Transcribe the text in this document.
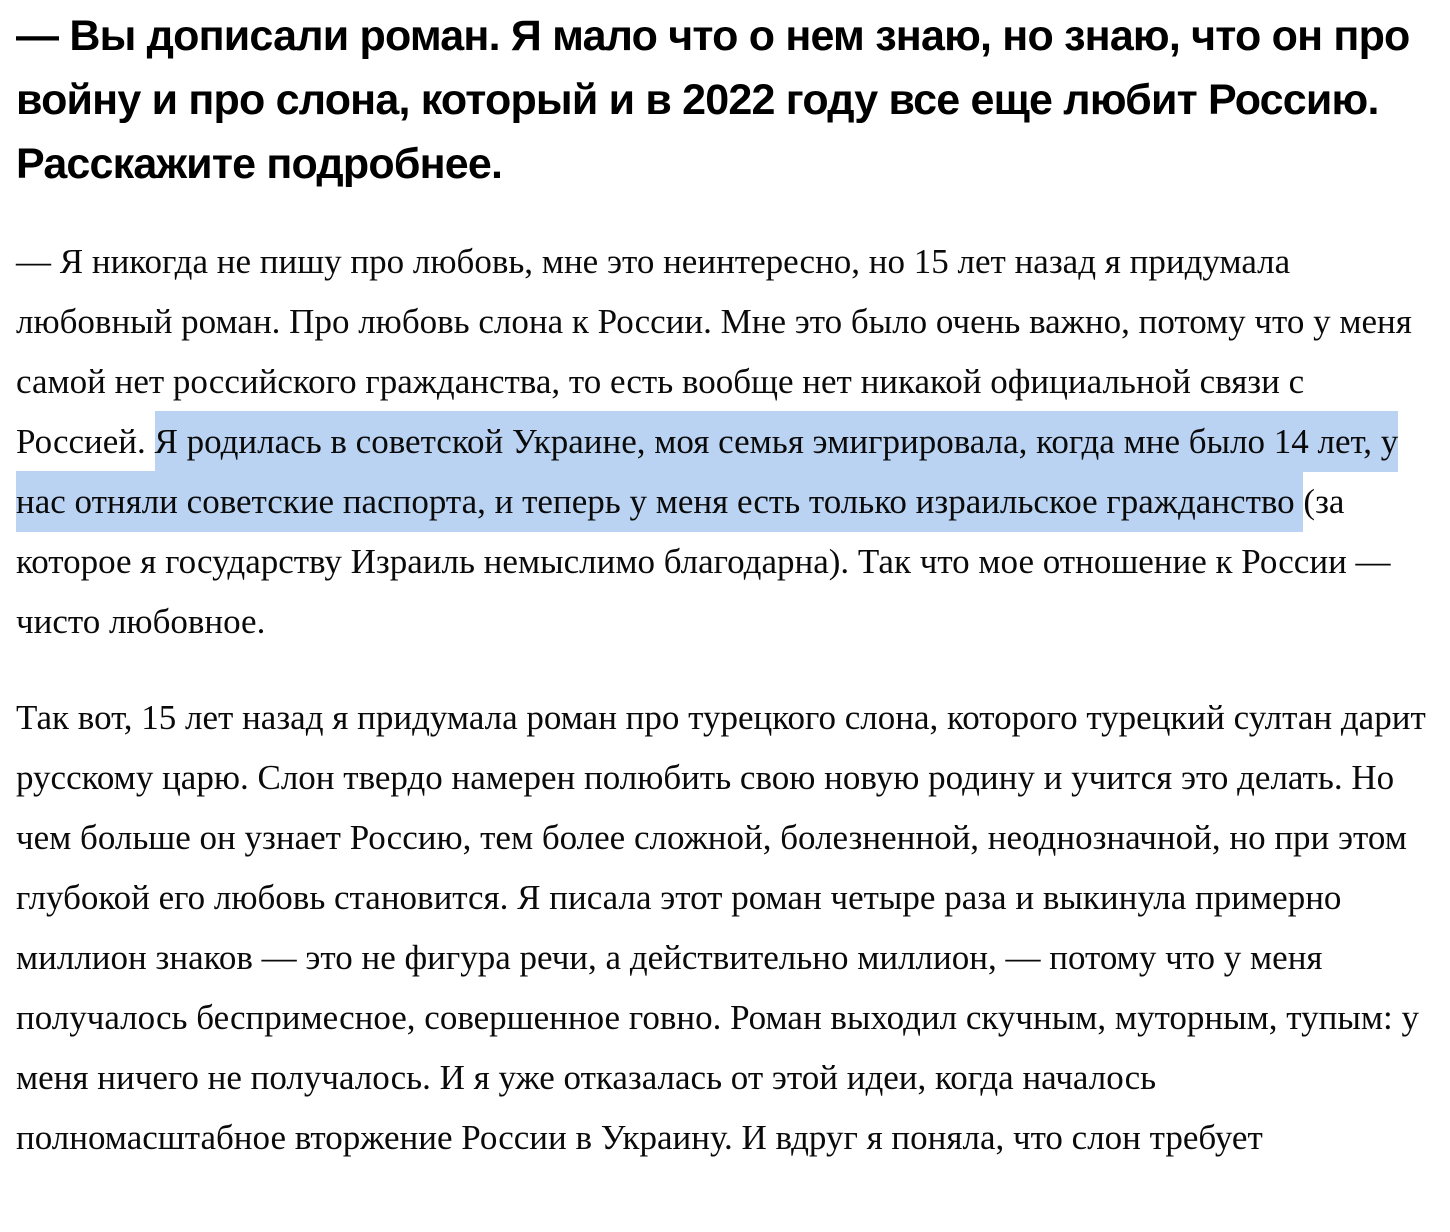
— Вы дописали роман. Я мало что о нем знаю, но знаю, что он про войну и про слона, который и в 2022 году все еще любит Россию. Расскажите подробнее.

— Я никогда не пишу про любовь, мне это неинтересно, но 15 лет назад я придумала любовный роман. Про любовь слона к России. Мне это было очень важно, потому что у меня самой нет российского гражданства, то есть вообще нет никакой официальной связи с Россией. Я родилась в советской Украине, моя семья эмигрировала, когда мне было 14 лет, у нас отняли советские паспорта, и теперь у меня есть только израильское гражданство (за которое я государству Израиль немыслимо благодарна). Так что мое отношение к России — чисто любовное.

Так вот, 15 лет назад я придумала роман про турецкого слона, которого турецкий султан дарит русскому царю. Слон твердо намерен полюбить свою новую родину и учится это делать. Но чем больше он узнает Россию, тем более сложной, болезненной, неоднозначной, но при этом глубокой его любовь становится. Я писала этот роман четыре раза и выкинула примерно миллион знаков — это не фигура речи, а действительно миллион, — потому что у меня получалось беспримесное, совершенное говно. Роман выходил скучным, муторным, тупым: у меня ничего не получалось. И я уже отказалась от этой идеи, когда началось полномасштабное вторжение России в Украину. И вдруг я поняла, что слон требует
